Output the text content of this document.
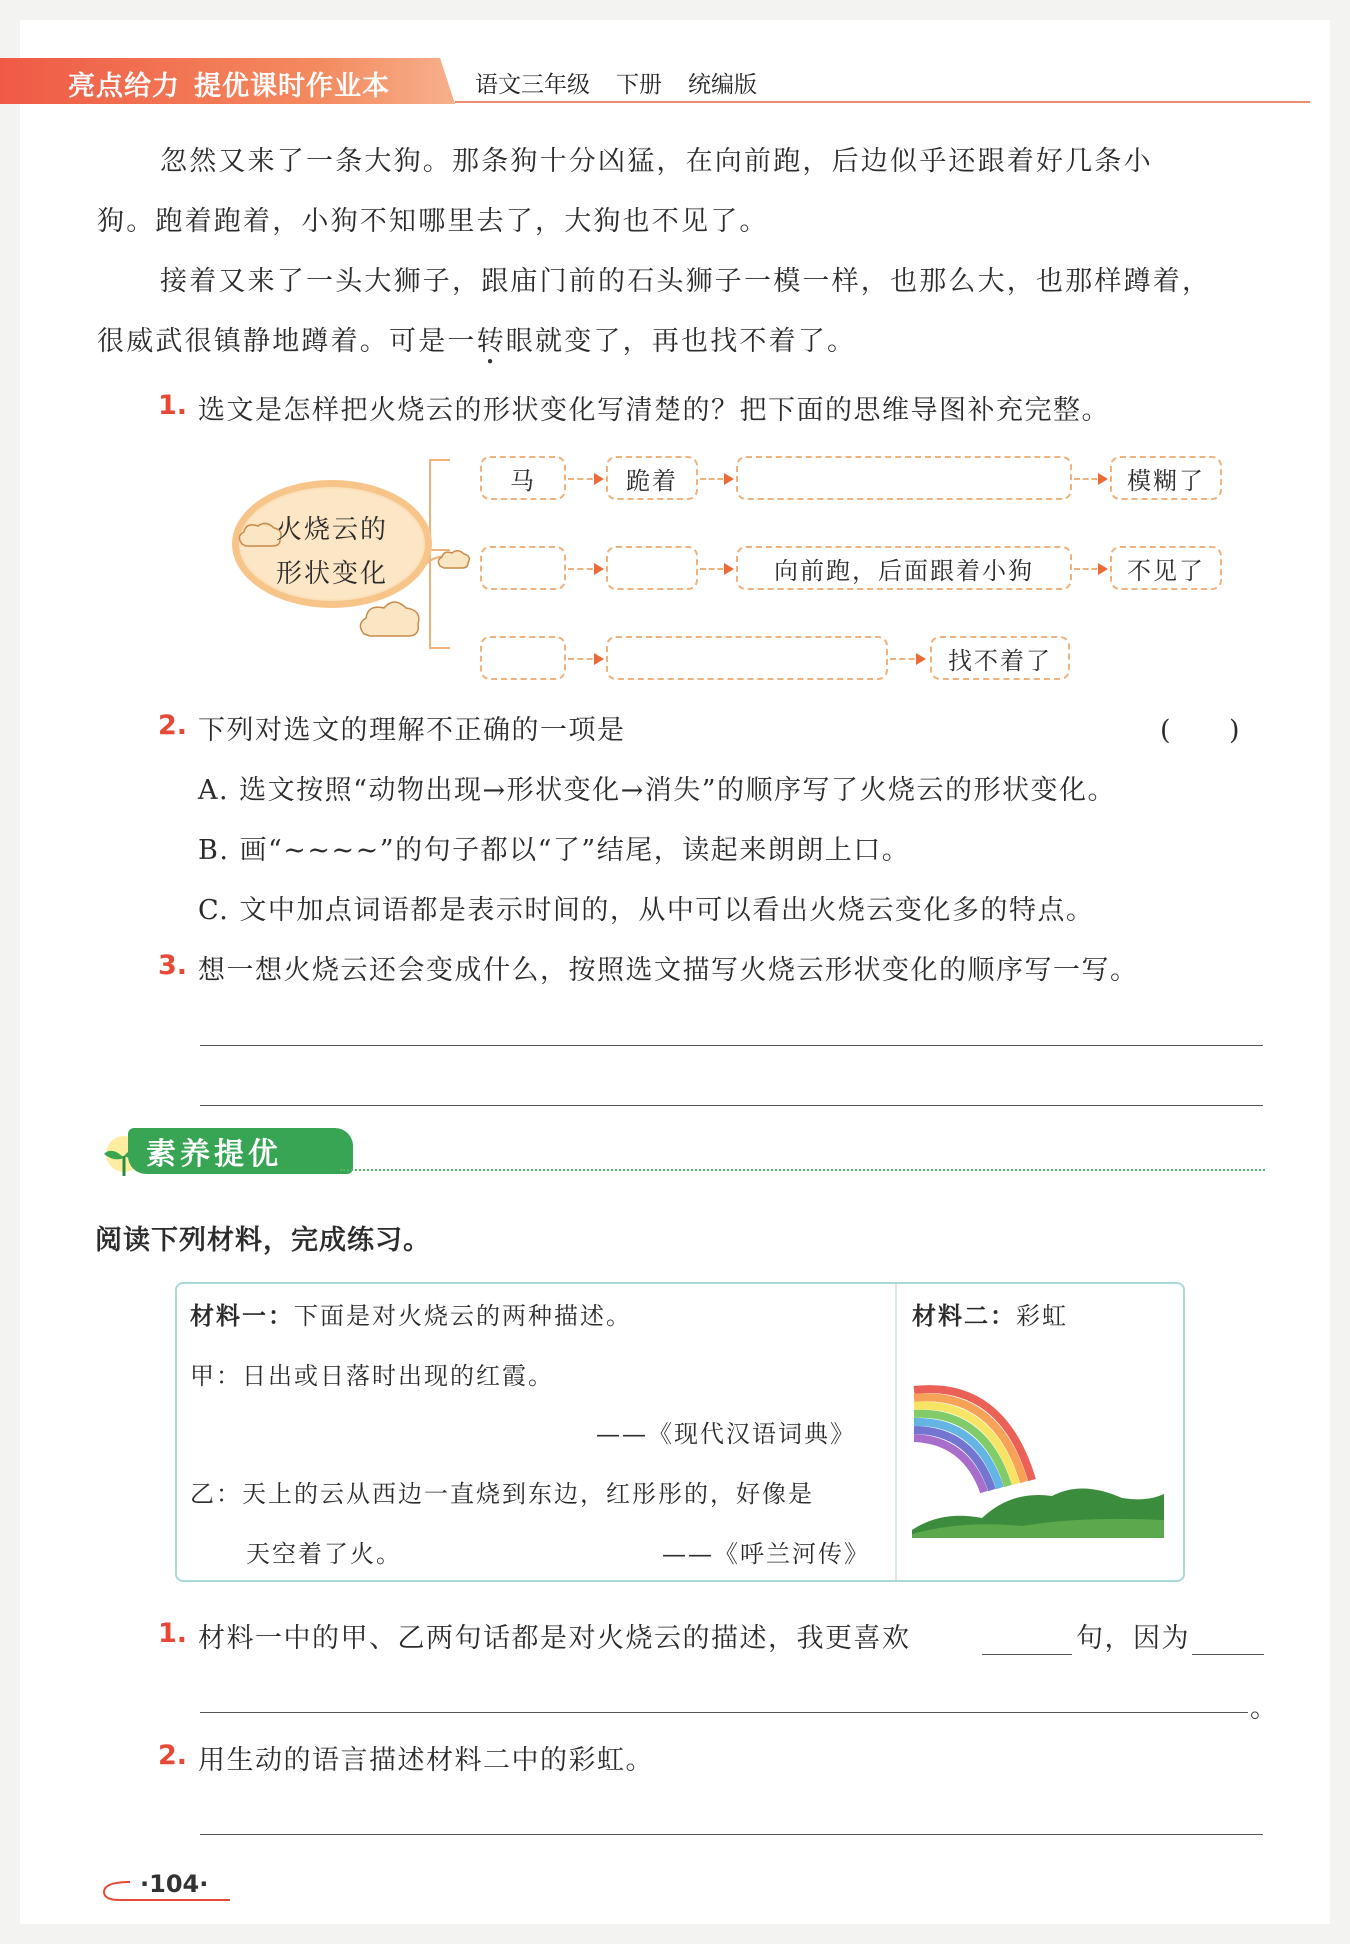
亮点给力 提优课时作业本	语文三年级 下册 统编版
忽然又来了一条大狗。那条狗十分凶猛，在向前跑，后边似乎还跟着好几条小
狗。跑着跑着，小狗不知哪里去了，大狗也不见了。
接着又来了一头大狮子，跟庙门前的石头狮子一模一样，也那么大，也那样蹲着，
很威武很镇静地蹲着。可是一转眼就变了，再也找不着了。
1. 选文是怎样把火烧云的形状变化写清楚的？把下面的思维导图补充完整。
火烧云的
形状变化
马	跪着	模糊了
向前跑，后面跟着小狗	不见了
找不着了
2. 下列对选文的理解不正确的一项是	(　　)
A. 选文按照“动物出现→形状变化→消失”的顺序写了火烧云的形状变化。
B. 画“~~~~”的句子都以“了”结尾，读起来朗朗上口。
C. 文中加点词语都是表示时间的，从中可以看出火烧云变化多的特点。
3. 想一想火烧云还会变成什么，按照选文描写火烧云形状变化的顺序写一写。
素养提优
阅读下列材料，完成练习。
材料一：下面是对火烧云的两种描述。
甲：日出或日落时出现的红霞。
——《现代汉语词典》
乙：天上的云从西边一直烧到东边，红彤彤的，好像是
天空着了火。	——《呼兰河传》
材料二：彩虹
1. 材料一中的甲、乙两句话都是对火烧云的描述，我更喜欢	句，因为
。
2. 用生动的语言描述材料二中的彩虹。
·104·
